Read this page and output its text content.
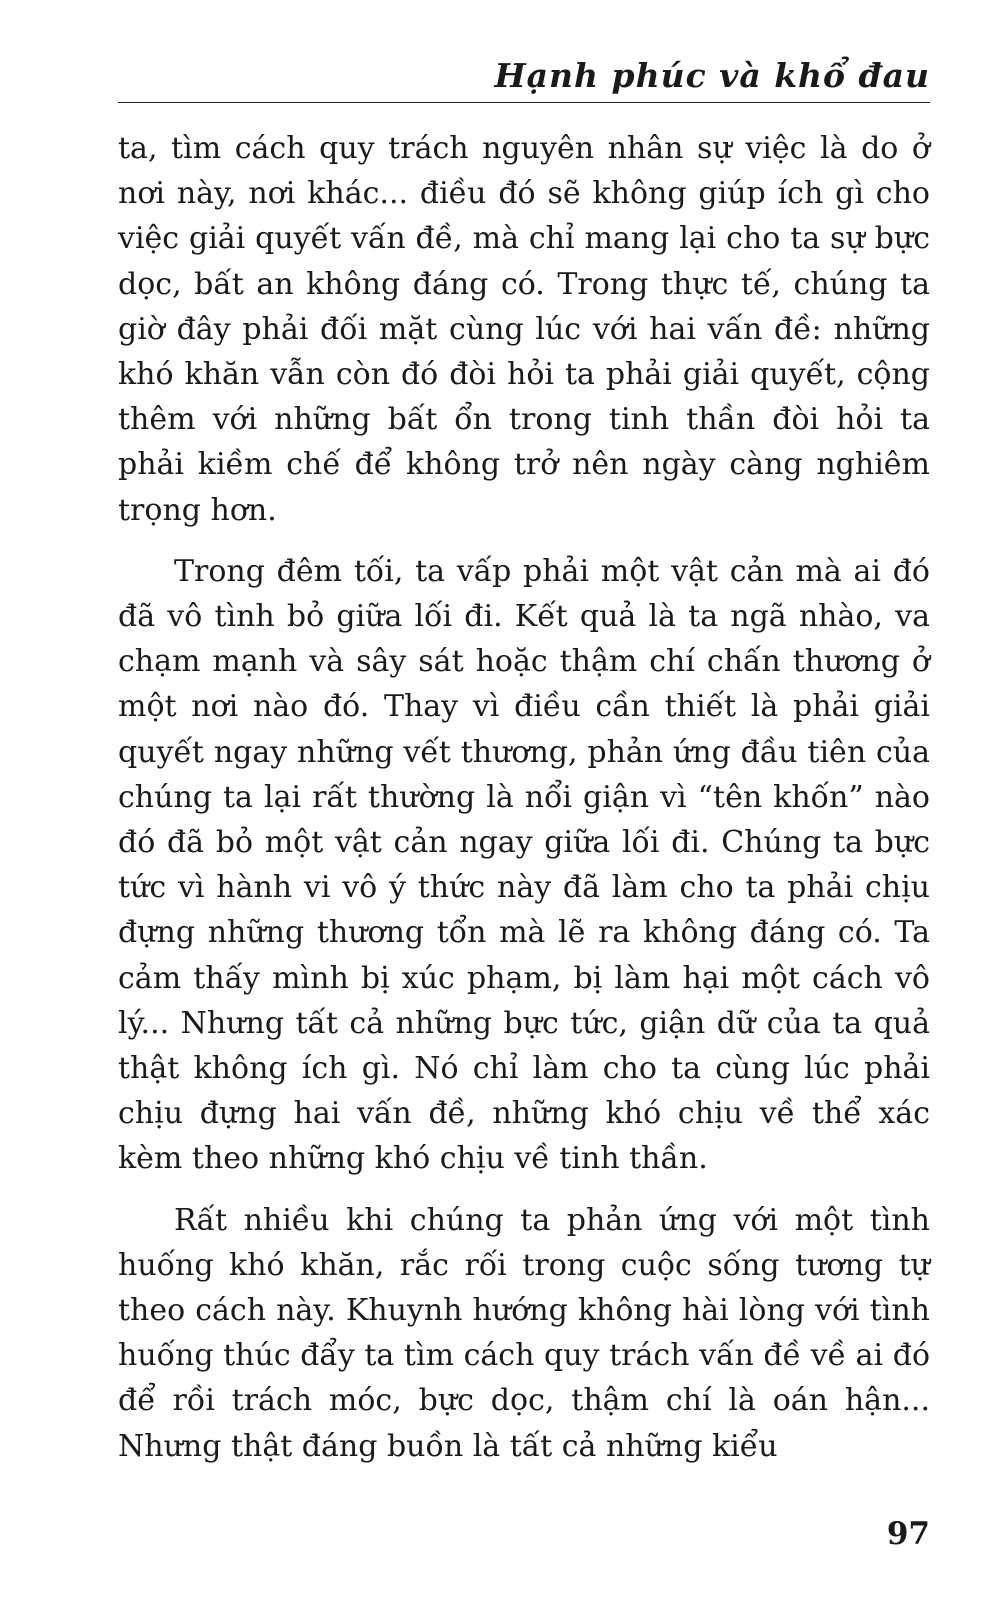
Hạnh phúc và khổ đau

ta, tìm cách quy trách nguyên nhân sự việc là do ở nơi này, nơi khác... điều đó sẽ không giúp ích gì cho việc giải quyết vấn đề, mà chỉ mang lại cho ta sự bực dọc, bất an không đáng có. Trong thực tế, chúng ta giờ đây phải đối mặt cùng lúc với hai vấn đề: những khó khăn vẫn còn đó đòi hỏi ta phải giải quyết, cộng thêm với những bất ổn trong tinh thần đòi hỏi ta phải kiềm chế để không trở nên ngày càng nghiêm trọng hơn.

Trong đêm tối, ta vấp phải một vật cản mà ai đó đã vô tình bỏ giữa lối đi. Kết quả là ta ngã nhào, va chạm mạnh và sây sát hoặc thậm chí chấn thương ở một nơi nào đó. Thay vì điều cần thiết là phải giải quyết ngay những vết thương, phản ứng đầu tiên của chúng ta lại rất thường là nổi giận vì “tên khốn” nào đó đã bỏ một vật cản ngay giữa lối đi. Chúng ta bực tức vì hành vi vô ý thức này đã làm cho ta phải chịu đựng những thương tổn mà lẽ ra không đáng có. Ta cảm thấy mình bị xúc phạm, bị làm hại một cách vô lý... Nhưng tất cả những bực tức, giận dữ của ta quả thật không ích gì. Nó chỉ làm cho ta cùng lúc phải chịu đựng hai vấn đề, những khó chịu về thể xác kèm theo những khó chịu về tinh thần.

Rất nhiều khi chúng ta phản ứng với một tình huống khó khăn, rắc rối trong cuộc sống tương tự theo cách này. Khuynh hướng không hài lòng với tình huống thúc đẩy ta tìm cách quy trách vấn đề về ai đó để rồi trách móc, bực dọc, thậm chí là oán hận... Nhưng thật đáng buồn là tất cả những kiểu

97
